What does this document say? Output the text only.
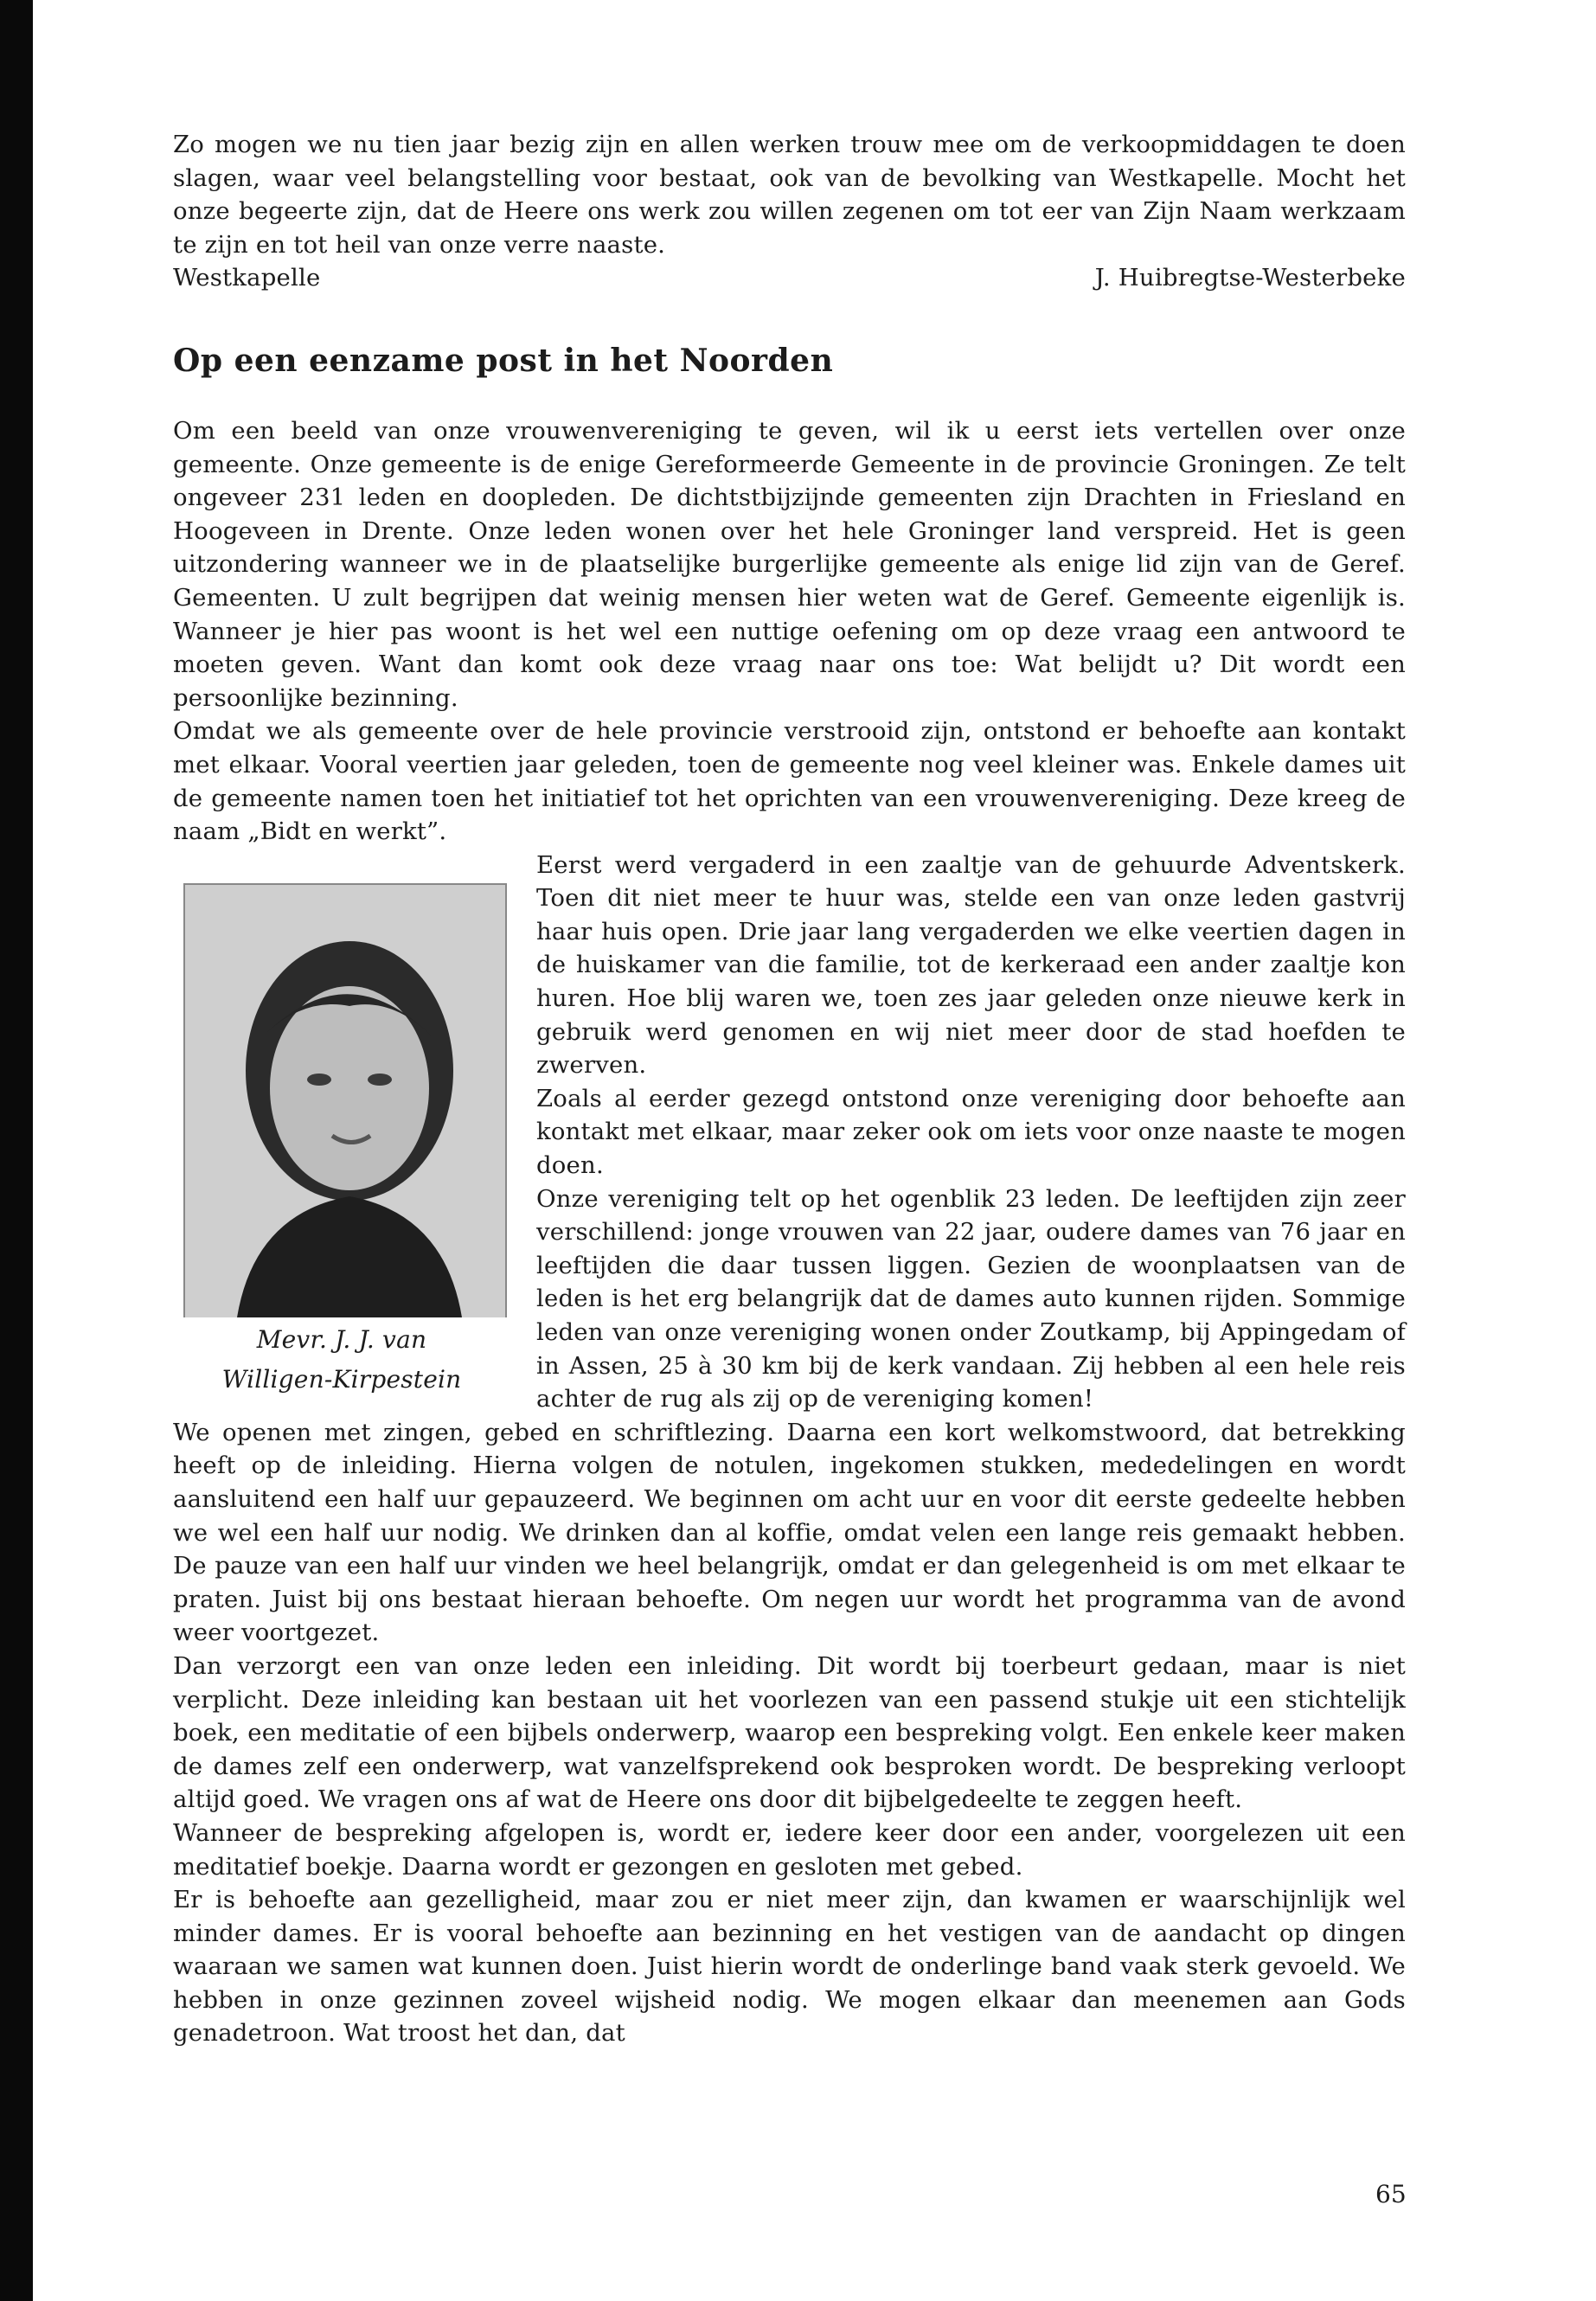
Zo mogen we nu tien jaar bezig zijn en allen werken trouw mee om de verkoopmiddagen te doen slagen, waar veel belangstelling voor bestaat, ook van de bevolking van Westkapelle. Mocht het onze begeerte zijn, dat de Heere ons werk zou willen zegenen om tot eer van Zijn Naam werkzaam te zijn en tot heil van onze verre naaste.

Westkapelle	J. Huibregtse-Westerbeke
Op een eenzame post in het Noorden

Om een beeld van onze vrouwenvereniging te geven, wil ik u eerst iets vertellen over onze gemeente. Onze gemeente is de enige Gereformeerde Gemeente in de provincie Groningen. Ze telt ongeveer 231 leden en doopleden. De dichtstbijzijnde gemeenten zijn Drachten in Friesland en Hoogeveen in Drente. Onze leden wonen over het hele Groninger land verspreid. Het is geen uitzondering wanneer we in de plaatselijke burgerlijke gemeente als enige lid zijn van de Geref. Gemeenten. U zult begrijpen dat weinig mensen hier weten wat de Geref. Gemeente eigenlijk is. Wanneer je hier pas woont is het wel een nuttige oefening om op deze vraag een antwoord te moeten geven. Want dan komt ook deze vraag naar ons toe: Wat belijdt u? Dit wordt een persoonlijke bezinning.

Omdat we als gemeente over de hele provincie verstrooid zijn, ontstond er behoefte aan kontakt met elkaar. Vooral veertien jaar geleden, toen de gemeente nog veel kleiner was. Enkele dames uit de gemeente namen toen het initiatief tot het oprichten van een vrouwenvereniging. Deze kreeg de naam „Bidt en werkt”.

Mevr. J. J. van
Willigen-Kirpestein

Eerst werd vergaderd in een zaaltje van de gehuurde Adventskerk. Toen dit niet meer te huur was, stelde een van onze leden gastvrij haar huis open. Drie jaar lang vergaderden we elke veertien dagen in de huiskamer van die familie, tot de kerkeraad een ander zaaltje kon huren. Hoe blij waren we, toen zes jaar geleden onze nieuwe kerk in gebruik werd genomen en wij niet meer door de stad hoefden te zwerven.

Zoals al eerder gezegd ontstond onze vereniging door behoefte aan kontakt met elkaar, maar zeker ook om iets voor onze naaste te mogen doen.

Onze vereniging telt op het ogenblik 23 leden. De leeftijden zijn zeer verschillend: jonge vrouwen van 22 jaar, oudere dames van 76 jaar en leeftijden die daar tussen liggen. Gezien de woonplaatsen van de leden is het erg belangrijk dat de dames auto kunnen rijden. Sommige leden van onze vereniging wonen onder Zoutkamp, bij Appingedam of in Assen, 25 à 30 km bij de kerk vandaan. Zij hebben al een hele reis achter de rug als zij op de vereniging komen!

We openen met zingen, gebed en schriftlezing. Daarna een kort welkomstwoord, dat betrekking heeft op de inleiding. Hierna volgen de notulen, ingekomen stukken, mededelingen en wordt aansluitend een half uur gepauzeerd. We beginnen om acht uur en voor dit eerste gedeelte hebben we wel een half uur nodig. We drinken dan al koffie, omdat velen een lange reis gemaakt hebben. De pauze van een half uur vinden we heel belangrijk, omdat er dan gelegenheid is om met elkaar te praten. Juist bij ons bestaat hieraan behoefte. Om negen uur wordt het programma van de avond weer voortgezet.

Dan verzorgt een van onze leden een inleiding. Dit wordt bij toerbeurt gedaan, maar is niet verplicht. Deze inleiding kan bestaan uit het voorlezen van een passend stukje uit een stichtelijk boek, een meditatie of een bijbels onderwerp, waarop een bespreking volgt. Een enkele keer maken de dames zelf een onderwerp, wat vanzelfsprekend ook besproken wordt. De bespreking verloopt altijd goed. We vragen ons af wat de Heere ons door dit bijbelgedeelte te zeggen heeft.

Wanneer de bespreking afgelopen is, wordt er, iedere keer door een ander, voorgelezen uit een meditatief boekje. Daarna wordt er gezongen en gesloten met gebed.

Er is behoefte aan gezelligheid, maar zou er niet meer zijn, dan kwamen er waarschijnlijk wel minder dames. Er is vooral behoefte aan bezinning en het vestigen van de aandacht op dingen waaraan we samen wat kunnen doen. Juist hierin wordt de onderlinge band vaak sterk gevoeld. We hebben in onze gezinnen zoveel wijsheid nodig. We mogen elkaar dan meenemen aan Gods genadetroon. Wat troost het dan, dat

65
